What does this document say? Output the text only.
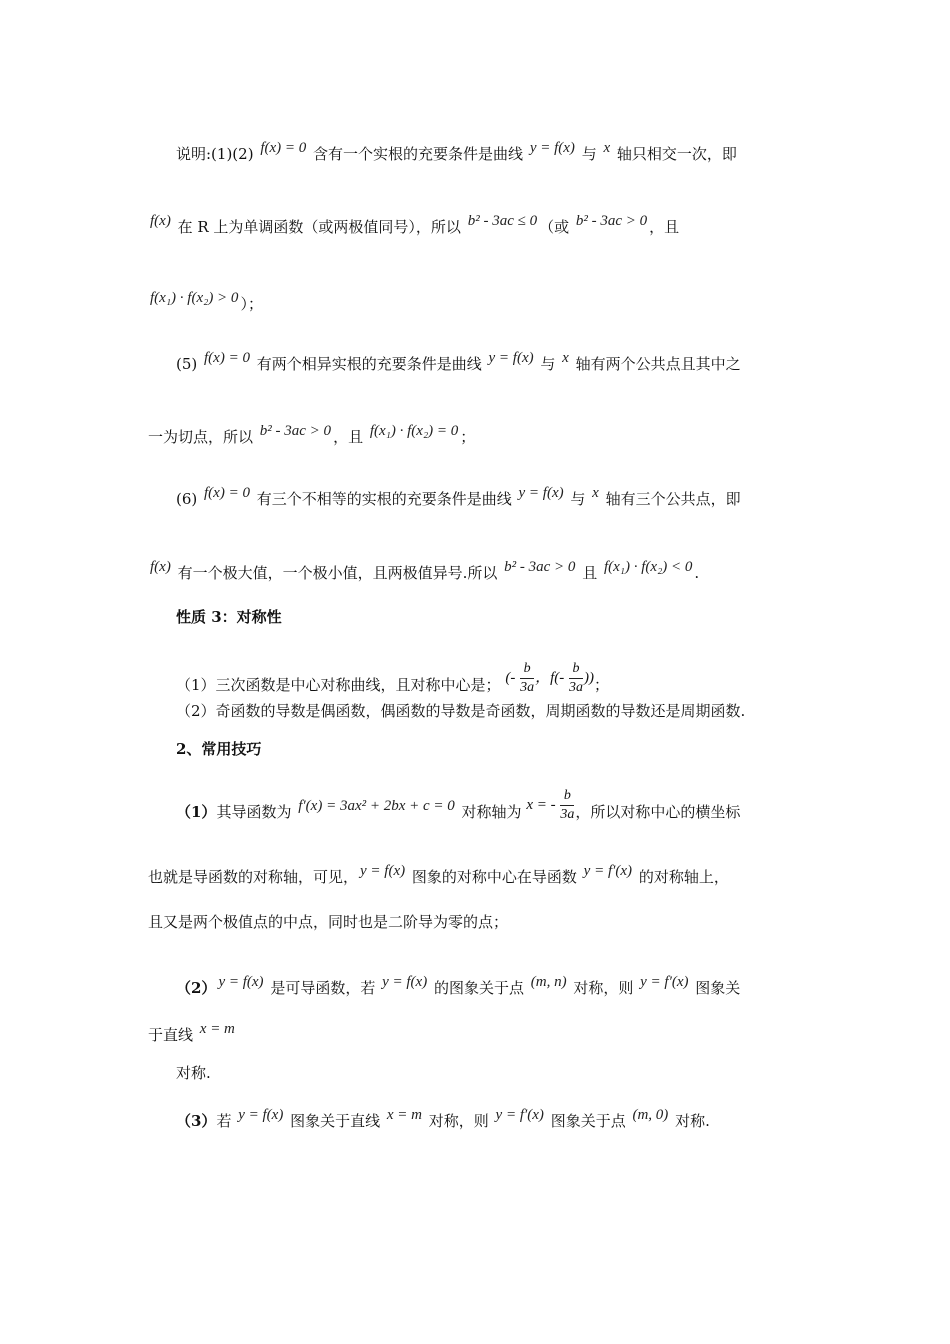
说明:(1)(2) f(x) = 0 含有一个实根的充要条件是曲线 y = f(x) 与 x 轴只相交一次，即
f(x) 在 R 上为单调函数（或两极值同号），所以 b² - 3ac ≤ 0 （或 b² - 3ac > 0 ，且
f(x₁) · f(x₂) > 0 ）；
(5) f(x) = 0 有两个相异实根的充要条件是曲线 y = f(x) 与 x 轴有两个公共点且其中之
一为切点，所以 b² - 3ac > 0 ，且 f(x₁) · f(x₂) = 0 ；
(6) f(x) = 0 有三个不相等的实根的充要条件是曲线 y = f(x) 与 x 轴有三个公共点，即
f(x) 有一个极大值，一个极小值，且两极值异号.所以 b² - 3ac > 0 且 f(x₁) · f(x₂) < 0 .
性质 3：对称性
（1）三次函数是中心对称曲线，且对称中心是； (- $\frac{b}{3a}$ ，$f(- \frac{b}{3a}$ ))；
（2）奇函数的导数是偶函数，偶函数的导数是奇函数，周期函数的导数还是周期函数.
2、常用技巧
（1）其导函数为 f′(x) = 3ax² + 2bx + c = 0 对称轴为 x = - $\frac{b}{3a}$ ，所以对称中心的横坐标
也就是导函数的对称轴，可见， y = f(x) 图象的对称中心在导函数 y = f′(x) 的对称轴上，
且又是两个极值点的中点，同时也是二阶导为零的点；
（2） y = f(x) 是可导函数，若 y = f(x) 的图象关于点 (m, n) 对称，则 y = f′(x) 图象关
于直线 x = m
对称.
（3）若 y = f(x) 图象关于直线 x = m 对称，则 y = f′(x) 图象关于点 (m, 0) 对称.
